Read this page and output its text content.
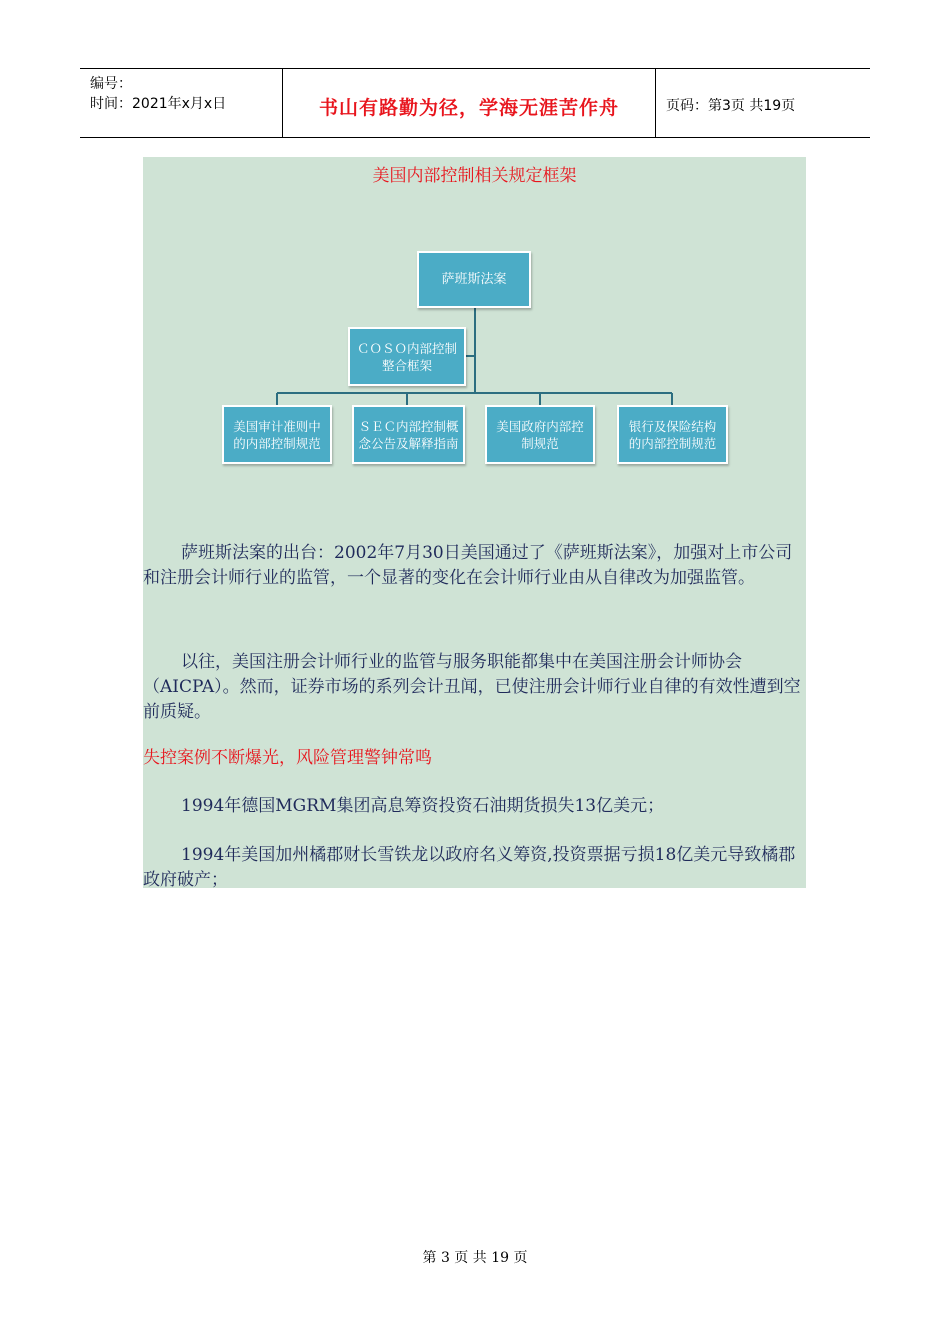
编号：
时间：2021年x月x日	书山有路勤为径，学海无涯苦作舟	页码：第3页 共19页
美国内部控制相关规定框架
萨班斯法案
ＣＯＳＯ内部控制整合框架
美国审计准则中的内部控制规范
ＳＥＣ内部控制概念公告及解释指南
美国政府内部控制规范
银行及保险结构的内部控制规范
萨班斯法案的出台：2002年7月30日美国通过了《萨班斯法案》，加强对上市公司和注册会计师行业的监管，一个显著的变化在会计师行业由从自律改为加强监管。
以往，美国注册会计师行业的监管与服务职能都集中在美国注册会计师协会（AICPA）。然而，证券市场的系列会计丑闻，已使注册会计师行业自律的有效性遭到空前质疑。
失控案例不断爆光，风险管理警钟常鸣
1994年德国MGRM集团高息筹资投资石油期货损失13亿美元；
1994年美国加州橘郡财长雪铁龙以政府名义筹资,投资票据亏损18亿美元导致橘郡政府破产；
第 3 页 共 19 页
